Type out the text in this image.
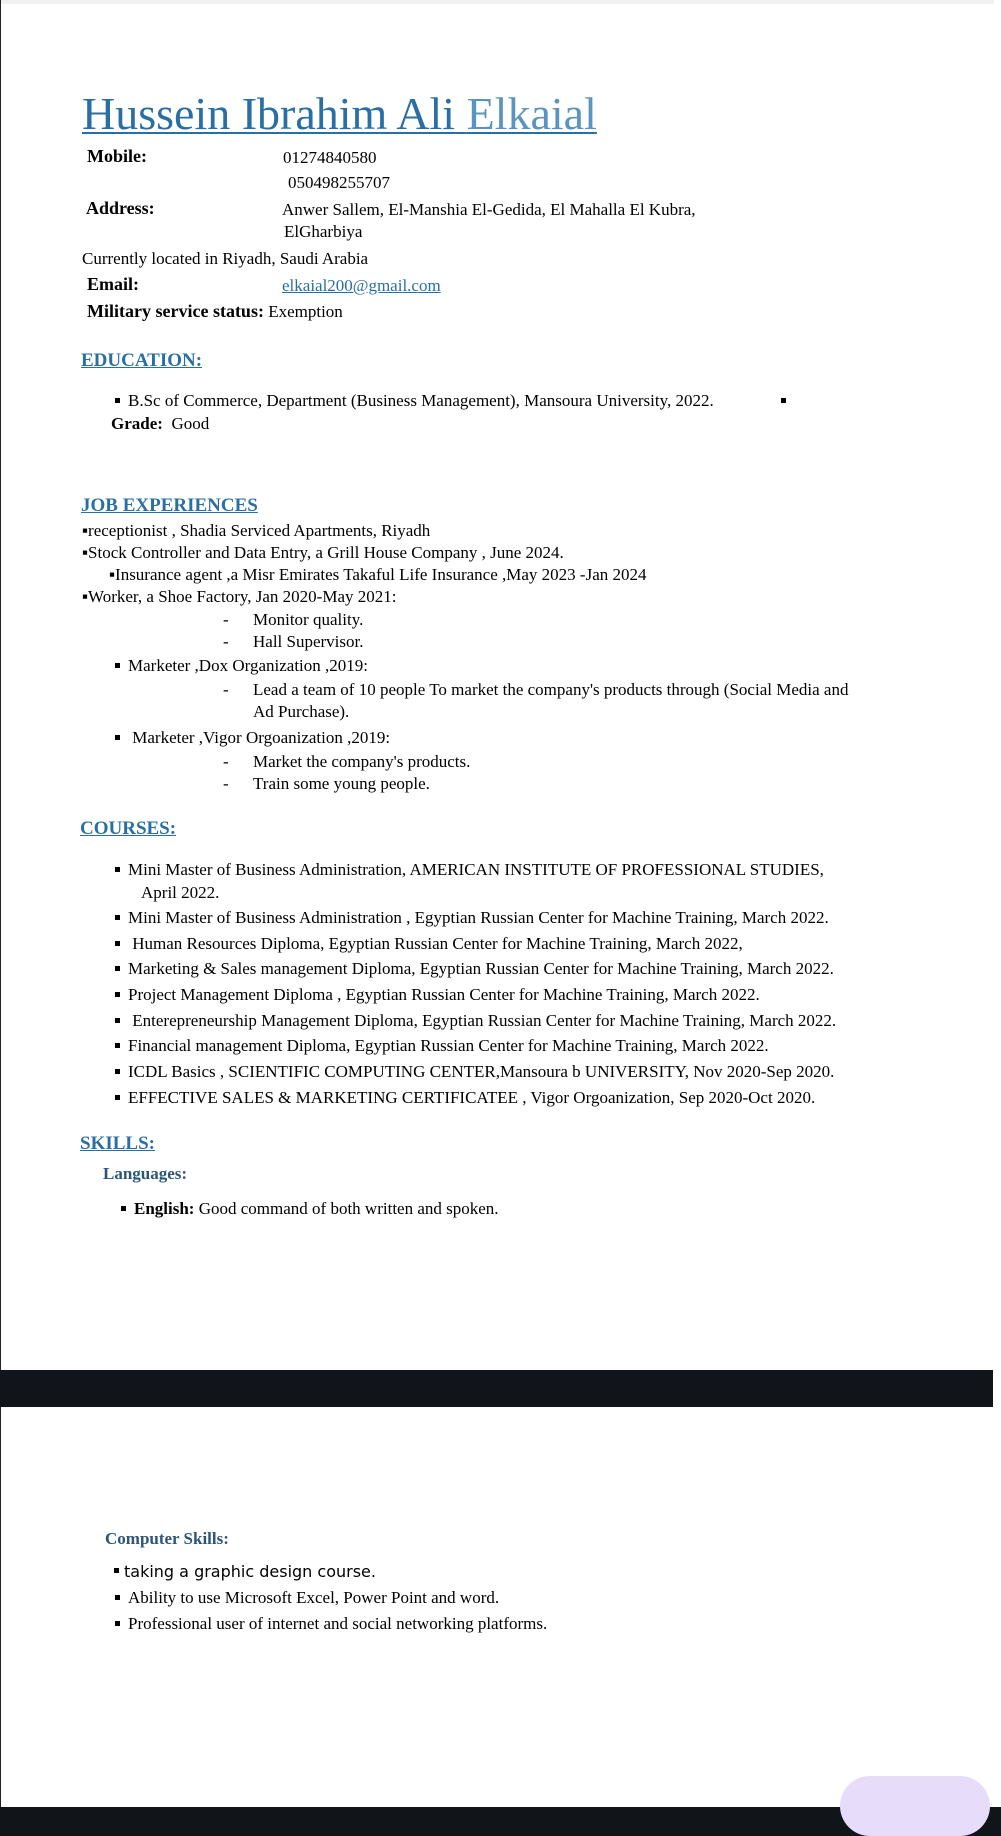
Hussein Ibrahim Ali Elkaial
Mobile:	01274840580
050498255707
Address:	Anwer Sallem, El-Manshia El-Gedida, El Mahalla El Kubra,
ElGharbiya
Currently located in Riyadh, Saudi Arabia
Email:	elkaial200@gmail.com
Military service status: Exemption
EDUCATION:
B.Sc of Commerce, Department (Business Management), Mansoura University, 2022.
Grade: Good
JOB EXPERIENCES
▪receptionist , Shadia Serviced Apartments, Riyadh
▪Stock Controller and Data Entry, a Grill House Company , June 2024.
▪Insurance agent ,a Misr Emirates Takaful Life Insurance ,May 2023 -Jan 2024
▪Worker, a Shoe Factory, Jan 2020-May 2021:
- Monitor quality.
- Hall Supervisor.
Marketer ,Dox Organization ,2019:
- Lead a team of 10 people To market the company's products through (Social Media and
Ad Purchase).
Marketer ,Vigor Orgoanization ,2019:
- Market the company's products.
- Train some young people.
COURSES:
Mini Master of Business Administration, AMERICAN INSTITUTE OF PROFESSIONAL STUDIES,
April 2022.
Mini Master of Business Administration , Egyptian Russian Center for Machine Training, March 2022.
Human Resources Diploma, Egyptian Russian Center for Machine Training, March 2022,
Marketing & Sales management Diploma, Egyptian Russian Center for Machine Training, March 2022.
Project Management Diploma , Egyptian Russian Center for Machine Training, March 2022.
Enterepreneurship Management Diploma, Egyptian Russian Center for Machine Training, March 2022.
Financial management Diploma, Egyptian Russian Center for Machine Training, March 2022.
ICDL Basics , SCIENTIFIC COMPUTING CENTER,Mansoura b UNIVERSITY, Nov 2020-Sep 2020.
EFFECTIVE SALES & MARKETING CERTIFICATEE , Vigor Orgoanization, Sep 2020-Oct 2020.
SKILLS:
Languages:
English: Good command of both written and spoken.
Computer Skills:
taking a graphic design course.
Ability to use Microsoft Excel, Power Point and word.
Professional user of internet and social networking platforms.
